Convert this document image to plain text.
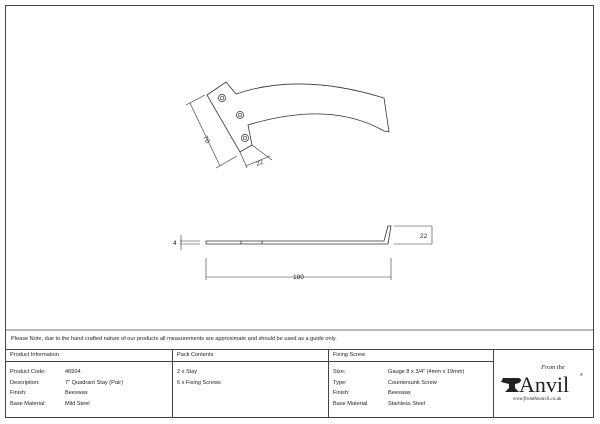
70
22
4
22
180
Please Note, due to the hand crafted nature of our products all measurements are approximate and should be used as a guide only.
Product Information
Product Code:	46504
Description:	7" Quadrant Stay (Pair)
Finish:	Beeswax
Base Material:	Mild Steel
Pack Contents
2 x Stay
6 x Fixing Screws
Fixing Screw
Size:	Gauge 8 x 3/4" (4mm x 19mm)
Type:	Countersunk Screw
Finish:	Beeswax
Base Material	Stainless Steel
From the
Anvil	®
www.fromtheanvil.co.uk
